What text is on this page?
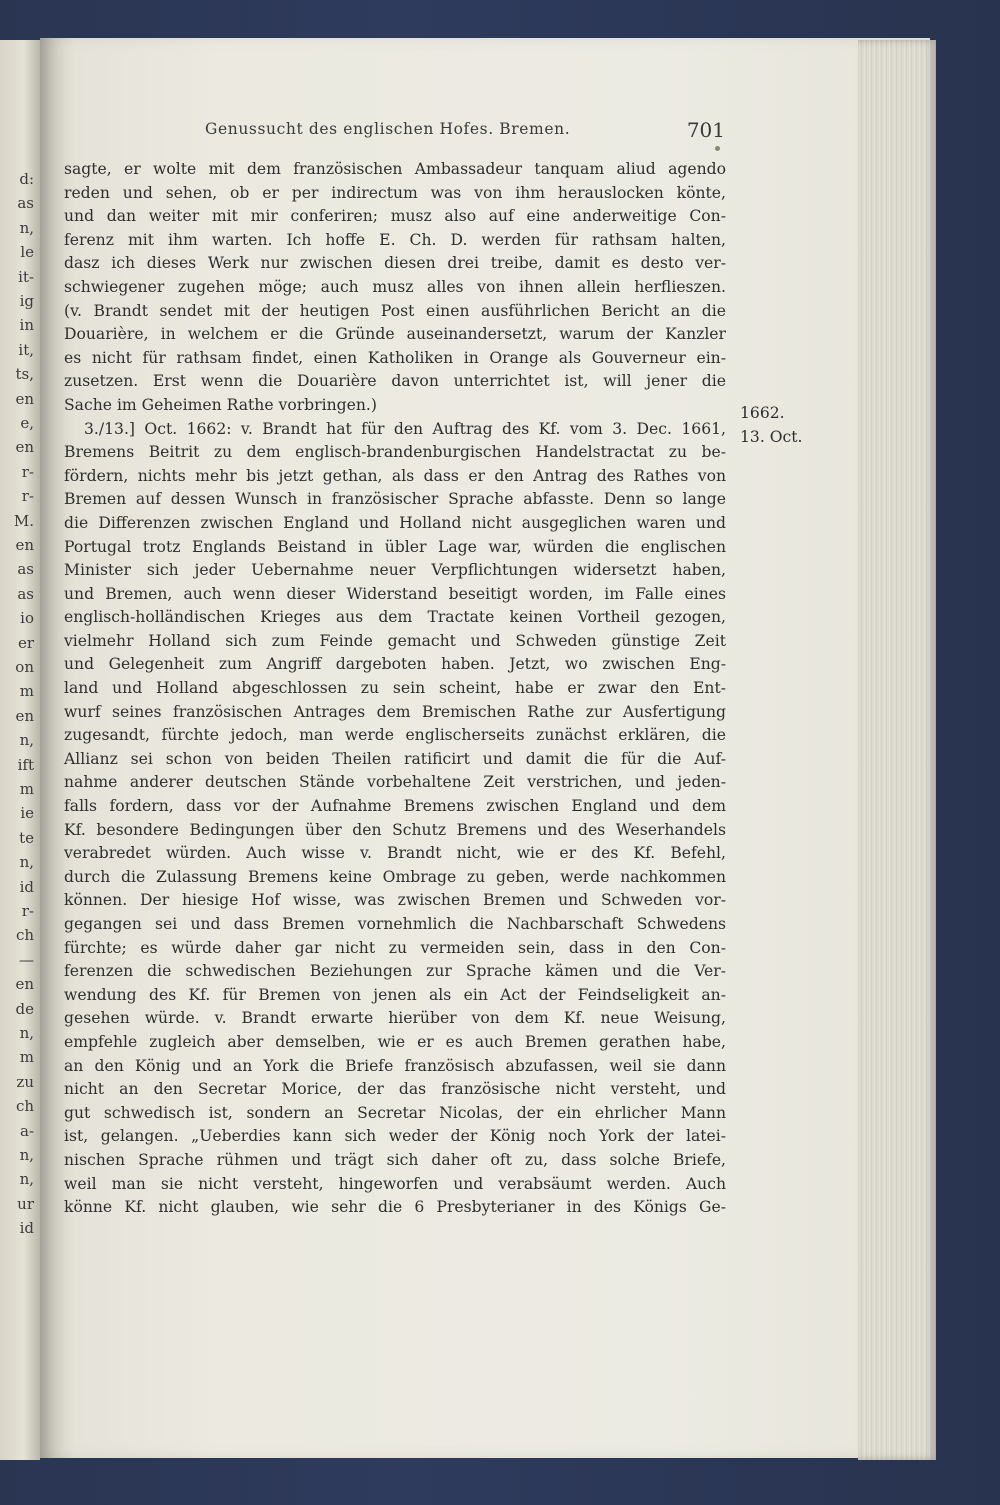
d:
as
n,
le
it-
ig
in
it,
ts,
en
e,
en
r-
r-
M.
en
as
as
io
er
on
m
en
n,
ift
m
ie
te
n,
id
r-
ch
—
en
de
n,
m
zu
ch
a-
n,
n,
ur
id
Genussucht des englischen Hofes. Bremen.	701
sagte, er wolte mit dem französischen Ambassadeur tanquam aliud agendo
reden und sehen, ob er per indirectum was von ihm herauslocken könte,
und dan weiter mit mir conferiren; musz also auf eine anderweitige Con-
ferenz mit ihm warten. Ich hoffe E. Ch. D. werden für rathsam halten,
dasz ich dieses Werk nur zwischen diesen drei treibe, damit es desto ver-
schwiegener zugehen möge; auch musz alles von ihnen allein herflieszen.
(v. Brandt sendet mit der heutigen Post einen ausführlichen Bericht an die
Douarière, in welchem er die Gründe auseinandersetzt, warum der Kanzler
es nicht für rathsam findet, einen Katholiken in Orange als Gouverneur ein-
zusetzen. Erst wenn die Douarière davon unterrichtet ist, will jener die
Sache im Geheimen Rathe vorbringen.)
3./13.] Oct. 1662: v. Brandt hat für den Auftrag des Kf. vom 3. Dec. 1661,
Bremens Beitrit zu dem englisch-brandenburgischen Handelstractat zu be-
fördern, nichts mehr bis jetzt gethan, als dass er den Antrag des Rathes von
Bremen auf dessen Wunsch in französischer Sprache abfasste. Denn so lange
die Differenzen zwischen England und Holland nicht ausgeglichen waren und
Portugal trotz Englands Beistand in übler Lage war, würden die englischen
Minister sich jeder Uebernahme neuer Verpflichtungen widersetzt haben,
und Bremen, auch wenn dieser Widerstand beseitigt worden, im Falle eines
englisch-holländischen Krieges aus dem Tractate keinen Vortheil gezogen,
vielmehr Holland sich zum Feinde gemacht und Schweden günstige Zeit
und Gelegenheit zum Angriff dargeboten haben. Jetzt, wo zwischen Eng-
land und Holland abgeschlossen zu sein scheint, habe er zwar den Ent-
wurf seines französischen Antrages dem Bremischen Rathe zur Ausfertigung
zugesandt, fürchte jedoch, man werde englischerseits zunächst erklären, die
Allianz sei schon von beiden Theilen ratificirt und damit die für die Auf-
nahme anderer deutschen Stände vorbehaltene Zeit verstrichen, und jeden-
falls fordern, dass vor der Aufnahme Bremens zwischen England und dem
Kf. besondere Bedingungen über den Schutz Bremens und des Weserhandels
verabredet würden. Auch wisse v. Brandt nicht, wie er des Kf. Befehl,
durch die Zulassung Bremens keine Ombrage zu geben, werde nachkommen
können. Der hiesige Hof wisse, was zwischen Bremen und Schweden vor-
gegangen sei und dass Bremen vornehmlich die Nachbarschaft Schwedens
fürchte; es würde daher gar nicht zu vermeiden sein, dass in den Con-
ferenzen die schwedischen Beziehungen zur Sprache kämen und die Ver-
wendung des Kf. für Bremen von jenen als ein Act der Feindseligkeit an-
gesehen würde. v. Brandt erwarte hierüber von dem Kf. neue Weisung,
empfehle zugleich aber demselben, wie er es auch Bremen gerathen habe,
an den König und an York die Briefe französisch abzufassen, weil sie dann
nicht an den Secretar Morice, der das französische nicht versteht, und
gut schwedisch ist, sondern an Secretar Nicolas, der ein ehrlicher Mann
ist, gelangen. „Ueberdies kann sich weder der König noch York der latei-
nischen Sprache rühmen und trägt sich daher oft zu, dass solche Briefe,
weil man sie nicht versteht, hingeworfen und verabsäumt werden. Auch
könne Kf. nicht glauben, wie sehr die 6 Presbyterianer in des Königs Ge-
1662.
13. Oct.
